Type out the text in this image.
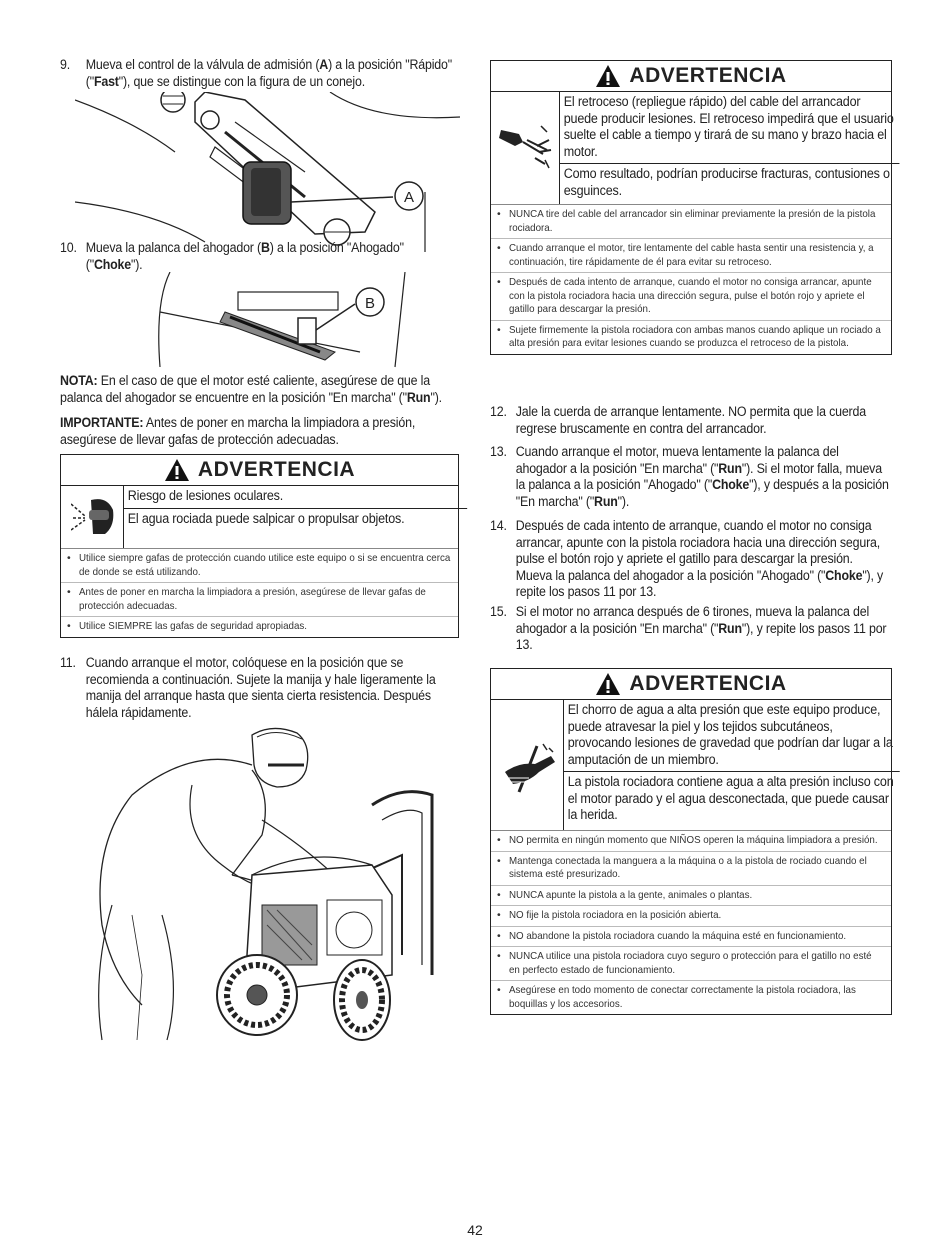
9. Mueva el control de la válvula de admisión (A) a la posición "Rápido" ("Fast"), que se distingue con la figura de un conejo.
A
10. Mueva la palanca del ahogador (B) a la posición "Ahogado" ("Choke").
B
NOTA: En el caso de que el motor esté caliente, asegúrese de que la palanca del ahogador se encuentre en la posición "En marcha" ("Run").
IMPORTANTE: Antes de poner en marcha la limpiadora a presión, asegúrese de llevar gafas de protección adecuadas.
ADVERTENCIA
Riesgo de lesiones oculares.
El agua rociada puede salpicar o propulsar objetos.
• Utilice siempre gafas de protección cuando utilice este equipo o si se encuentra cerca de donde se está utilizando.
• Antes de poner en marcha la limpiadora a presión, asegúrese de llevar gafas de protección adecuadas.
• Utilice SIEMPRE las gafas de seguridad apropiadas.
11. Cuando arranque el motor, colóquese en la posición que se recomienda a continuación. Sujete la manija y hale ligeramente la manija del arranque hasta que sienta cierta resistencia. Después hálela rápidamente.
ADVERTENCIA
El retroceso (repliegue rápido) del cable del arrancador puede producir lesiones. El retroceso impedirá que el usuario suelte el cable a tiempo y tirará de su mano y brazo hacia el motor.
Como resultado, podrían producirse fracturas, contusiones o esguinces.
• NUNCA tire del cable del arrancador sin eliminar previamente la presión de la pistola rociadora.
• Cuando arranque el motor, tire lentamente del cable hasta sentir una resistencia y, a continuación, tire rápidamente de él para evitar su retroceso.
• Después de cada intento de arranque, cuando el motor no consiga arrancar, apunte con la pistola rociadora hacia una dirección segura, pulse el botón rojo y apriete el gatillo para descargar la presión.
• Sujete firmemente la pistola rociadora con ambas manos cuando aplique un rociado a alta presión para evitar lesiones cuando se produzca el retroceso de la pistola.
12. Jale la cuerda de arranque lentamente. NO permita que la cuerda regrese bruscamente en contra del arrancador.
13. Cuando arranque el motor, mueva lentamente la palanca del ahogador a la posición "En marcha" ("Run"). Si el motor falla, mueva la palanca a la posición "Ahogado" ("Choke"), y después a la posición "En marcha" ("Run").
14. Después de cada intento de arranque, cuando el motor no consiga arrancar, apunte con la pistola rociadora hacia una dirección segura, pulse el botón rojo y apriete el gatillo para descargar la presión. Mueva la palanca del ahogador a la posición "Ahogado" ("Choke"), y repite los pasos 11 por 13.
15. Si el motor no arranca después de 6 tirones, mueva la palanca del ahogador a la posición "En marcha" ("Run"), y repite los pasos 11 por 13.
ADVERTENCIA
El chorro de agua a alta presión que este equipo produce, puede atravesar la piel y los tejidos subcutáneos, provocando lesiones de gravedad que podrían dar lugar a la amputación de un miembro.
La pistola rociadora contiene agua a alta presión incluso con el motor parado y el agua desconectada, que puede causar la herida.
• NO permita en ningún momento que NIÑOS operen la máquina limpiadora a presión.
• Mantenga conectada la manguera a la máquina o a la pistola de rociado cuando el sistema esté presurizado.
• NUNCA apunte la pistola a la gente, animales o plantas.
• NO fije la pistola rociadora en la posición abierta.
• NO abandone la pistola rociadora cuando la máquina esté en funcionamiento.
• NUNCA utilice una pistola rociadora cuyo seguro o protección para el gatillo no esté en perfecto estado de funcionamiento.
• Asegúrese en todo momento de conectar correctamente la pistola rociadora, las boquillas y los accesorios.
42
